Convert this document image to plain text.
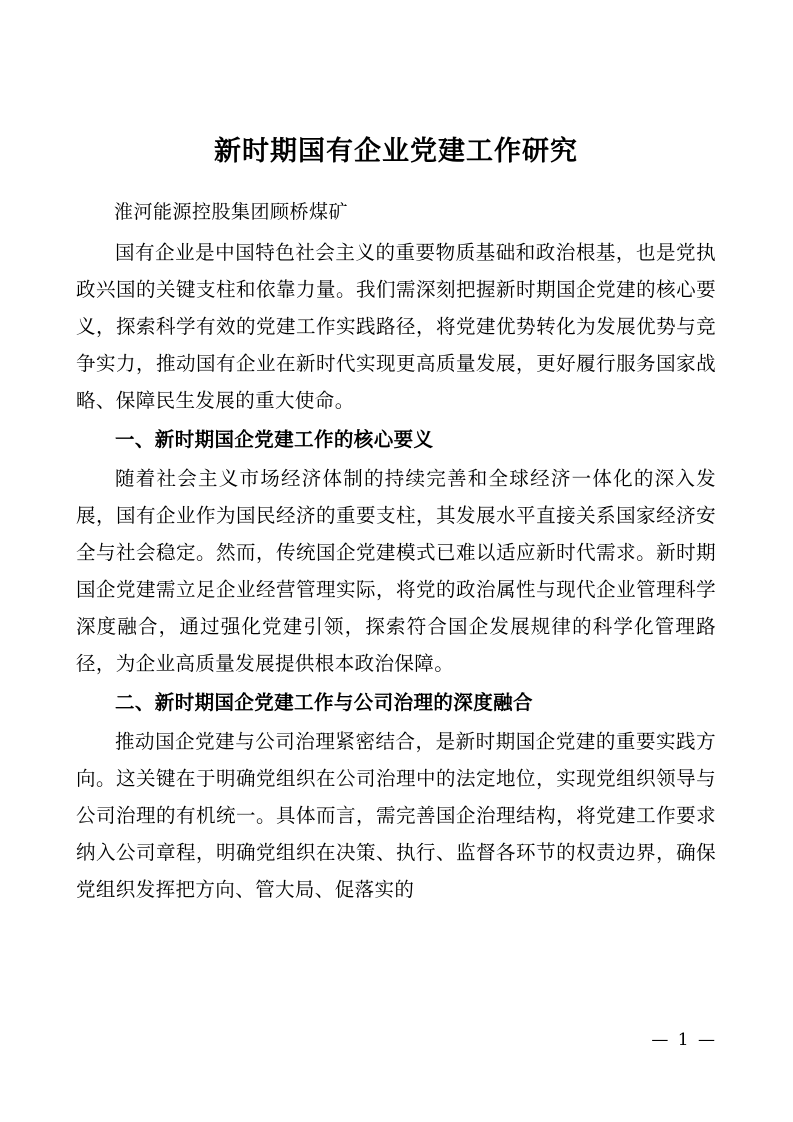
新时期国有企业党建工作研究

淮河能源控股集团顾桥煤矿

国有企业是中国特色社会主义的重要物质基础和政治根基，也是党执政兴国的关键支柱和依靠力量。我们需深刻把握新时期国企党建的核心要义，探索科学有效的党建工作实践路径，将党建优势转化为发展优势与竞争实力，推动国有企业在新时代实现更高质量发展，更好履行服务国家战略、保障民生发展的重大使命。

一、新时期国企党建工作的核心要义

随着社会主义市场经济体制的持续完善和全球经济一体化的深入发展，国有企业作为国民经济的重要支柱，其发展水平直接关系国家经济安全与社会稳定。然而，传统国企党建模式已难以适应新时代需求。新时期国企党建需立足企业经营管理实际，将党的政治属性与现代企业管理科学深度融合，通过强化党建引领，探索符合国企发展规律的科学化管理路径，为企业高质量发展提供根本政治保障。

二、新时期国企党建工作与公司治理的深度融合

推动国企党建与公司治理紧密结合，是新时期国企党建的重要实践方向。这关键在于明确党组织在公司治理中的法定地位，实现党组织领导与公司治理的有机统一。具体而言，需完善国企治理结构，将党建工作要求纳入公司章程，明确党组织在决策、执行、监督各环节的权责边界，确保党组织发挥把方向、管大局、促落实的

— 1 —
